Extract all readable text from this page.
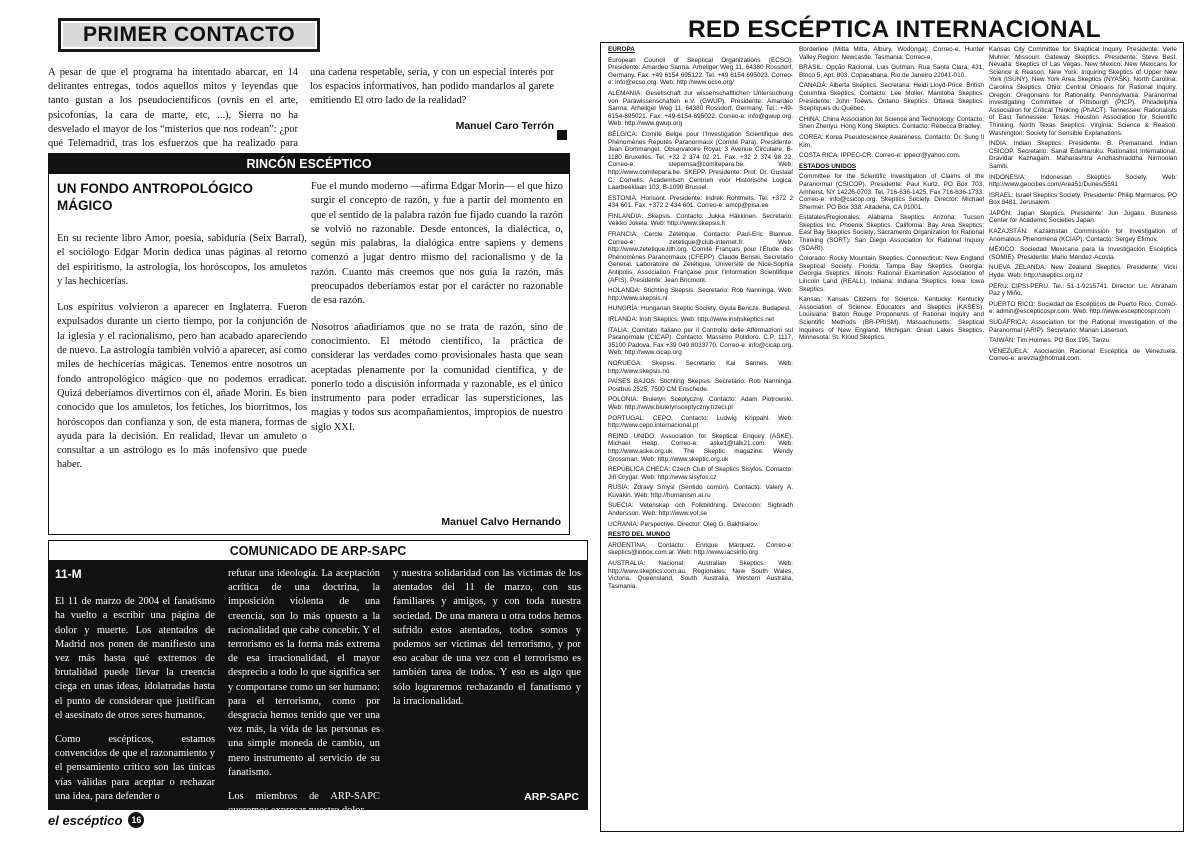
PRIMER CONTACTO
A pesar de que el programa ha intentado abarcar, en 14 delirantes entregas, todos aquellos mitos y leyendas que tanto gustan a los pseudocientíficos (ovnis en el arte, psicofonías, la cara de marte, etc, ...), Sierra no ha desvelado el mayor de los “misterios que nos rodean”: ¿por qué Telemadrid, tras los esfuerzos que ha realizado para
una cadena respetable, seria, y con un especial interés por los espacios informativos, han podido mandarlos al garete emitiendo El otro lado de la realidad?
Manuel Caro Terrón
RINCÓN ESCÉPTICO
UN FONDO ANTROPOLÓGICO MÁGICO

En su reciente libro Amor, poesía, sabiduría (Seix Barral), el sociólogo Edgar Morin dedica unas páginas al retorno del espiritismo, la astrología, los horóscopos, los amuletos y las hechicerías.

Los espíritus volvieron a aparecer en Inglaterra. Fueron expulsados durante un cierto tiempo, por la conjunción de la iglesia y el racionalismo, pero han acabado apareciendo de nuevo. La astrología también volvió a aparecer, así como miles de hechicerías mágicas. Tenemos entre nosotros un fondo antropológico mágico que no podemos erradicar. Quizá deberíamos divertirnos con él, añade Morin. Es bien conocido que los amuletos, los fetiches, los biorritmos, los horóscopos dan confianza y son, de esta manera, formas de ayuda para la decisión. En realidad, llevar un amuleto o consultar a un astrólogo es lo más inofensivo que puede haber.

Fue el mundo moderno —afirma Edgar Morin— el que hizo surgir el concepto de razón, y fue a partir del momento en que el sentido de la palabra razón fue fijado cuando la razón se volvió no razonable. Desde entonces, la dialéctica, o, según mis palabras, la dialógica entre sapiens y demens comenzó a jugar dentro mismo del racionalismo y de la razón. Cuanto más creemos que nos guía la razón, más preocupados deberíamos estar por el carácter no razonable de esa razón.

Nosotros añadiríamos que no se trata de razón, sino de conocimiento. El método científico, la práctica de considerar las verdades como provisionales hasta que sean aceptadas plenamente por la comunidad científica, y de ponerlo todo a discusión informada y razonable, es el único instrumento para poder erradicar las supersticiones, las magias y todos sus acompañamientos, impropios de nuestro siglo XXI.

Manuel Calvo Hernando
COMUNICADO DE ARP-SAPC
11-M

El 11 de marzo de 2004 el fanatismo ha vuelto a escribir una página de dolor y muerte. Los atentados de Madrid nos ponen de manifiesto una vez más hasta qué extremos de brutalidad puede llevar la creencia ciega en unas ideas, idolatradas hasta el punto de considerar que justifican el asesinato de otros seres humanos.

Como escépticos, estamos convencidos de que el razonamiento y el pensamiento crítico son las únicas vías válidas para aceptar o rechazar una idea, para defender o

refutar una ideología. La aceptación acrítica de una doctrina, la imposición violenta de una creencia, son lo más opuesto a la racionalidad que cabe concebir. Y el terrorismo es la forma más extrema de esa irracionalidad, el mayor desprecio a todo lo que significa ser y comportarse como un ser humano: para el terrorismo, como por desgracia hemos tenido que ver una vez más, la vida de las personas es una simple moneda de cambio, un mero instrumento al servicio de su fanatismo.

Los miembros de ARP-SAPC queremos expresar nuestro dolor

y nuestra solidaridad con las víctimas de los atentados del 11 de marzo, con sus familiares y amigos, y con toda nuestra sociedad. De una manera u otra todos hemos sufrido estos atentados, todos somos y podemos ser víctimas del terrorismo, y por eso acabar de una vez con el terrorismo es también tarea de todos. Y eso es algo que sólo lograremos rechazando el fanatismo y la irracionalidad.

ARP-SAPC
el escéptico 16
RED ESCÉPTICA INTERNACIONAL

EUROPA

European Council of Skeptical Organizations (ECSO). Presidente: Amardeo Sarma. Arheilger Weg 11, 64380 Rossdorf, Germany. Fax: +49 6154 695122. Tel. +49 6154 695023. Correo-e: info@ecso.org. Web: http://www.ecso.org/

ALEMANIA: Gesellschaft zur wissenschaftlichen Untersuchung von Parawissenschaften e.V. (GWUP). Presidente: Amardeo Sarma. Arheilger Weg 11, 64380 Rossdorf, Germany. Tel.: +49-6154-695021. Fax: +49-6154-695022. Correo-e: info@gwup.org. Web: http://www.gwup.org

BÉLGICA: Comité Belge pour l'Investigation Scientifique des Phénomènes Réputés Paranormaux (Comité Para). Presidente: Jean Dommanget. Observatoire Royal, 3 Avenue Circulaire, B-1180 Bruxelles. Tel. +32 2 374 02 21. Fax. +32 2 374 98 22. Correo-e: stepemsa@comitepara.be. Web: http://www.comitepara.be. SKEPP. Presidente: Prof. Dr. Gustaaf C. Cornelis. Academisch Centrum voor Historische Logica. Laarbeeklaan 103, B-1090 Brussel.

ESTONIA: Horisont. Presidente: Indrek Rohtmets. Tel. +372 2 434 601. Fax. +372 2 434 601. Correo-e: amcp@pisa.ee

FINLANDIA: Skepsis. Contacto: Jukka Häkkinen. Secretario: Veikko Jokela. Web: http://www.skepsis.fi

FRANCIA: Cercle Zététique. Contacto: Paul-Eric Blanrue. Correo-e: zetetique@club-internet.fr. Web: http://www.zetetique.ldh.org. Comité Français pour l'Étude des Phénomènes Paranormaux (CFEPP). Claude Benski, Secretario General. Laboratoire de Zététique, Université de Nice-Sophia Antipolis. Association Française pour l'Information Scientifique (AFIS). Presidente: Jean Bricmont.

HOLANDA: Stichting Skepsis. Secretario: Rob Nanninga. Web: http://www.skepsis.nl

HUNGRÍA: Hungarian Skeptic Society. Gyula Bencze. Budapest.

IRLANDA: Irish Skeptics. Web: http://www.irishskeptics.net

ITALIA: Comitato Italiano per il Controllo delle Affermazioni sul Paranormale (CICAP). Contacto: Massimo Polidoro. C.P. 1117, 35100 Padova. Fax +39 049 8033770. Correo-e: info@cicap.org. Web: http://www.cicap.org

NORUEGA: Skepsis. Secretario: Kai Sannes. Web: http://www.skepsis.no

PAÍSES BAJOS: Stichting Skepsis. Secretario: Rob Nanninga. Postbus 2525, 7500 CM Enschede.

POLONIA: Biuletyn Sceptyczny. Contacto: Adam Piotrowski. Web: http://www.biuletynsceptyczny.trzeci.pl

PORTUGAL: CEPO. Contacto: Ludwig Krippahl. Web: http://www.cepo.internacional.pt

REINO UNIDO: Association for Skeptical Enquiry (ASKE). Michael Heap. Correo-e: aske1@talk21.com. Web: http://www.aske.org.uk. The Skeptic magazine. Wendy Grossman. Web: http://www.skeptic.org.uk

REPÚBLICA CHECA: Czech Club of Skeptics Sisyfos. Contacto: Jiří Grygar. Web: http://www.sisyfos.cz

RUSIA: Zdravy Smysl (Sentido común). Contacto: Valery A. Kuvakin. Web: http://humanism.al.ru

SUECIA: Vetenskap och Folkbildning. Dirección: Sigbradh Andersson. Web: http://www.vof.se

UCRANIA: Perspective. Director: Oleg G. Bakhtiarov.

RESTO DEL MUNDO

ARGENTINA: Contacto: Enrique Márquez. Correo-e: skeptics@inbox.com.ar. Web: http://www.iacsinfo.org

AUSTRALIA: Nacional: Australian Skeptics. Web: http://www.skeptics.com.au. Regionales: New South Wales, Victoria, Queensland, South Australia, Western Australia, Tasmania.

Borderline (Mitta Mitta, Albury, Wodonga): Correo-e. Hunter Valley Region: Newcastle. Tasmania: Correo-e.

BRASIL: Opção Racional. Luis Gutman. Rua Santa Clara, 431, Bloco 5, Apt. 803, Copacabana, Rio de Janeiro 22041-010.

CANADÁ: Alberta Skeptics. Secretaria: Heidi Lloyd-Price. British Columbia Skeptics. Contacto: Lee Moller. Manitoba Skeptics. Presidente: John Toews. Ontario Skeptics. Ottawa Skeptics. Sceptiques du Québec.

CHINA: China Association for Science and Technology. Contacto: Shen Zhenyu. Hong Kong Skeptics. Contacto: Rebecca Bradley.

COREA: Korea Pseudoscience Awareness. Contacto: Dr. Sung Il Kim.

COSTA RICA: IPPEC-CR. Correo-e: ippecr@yahoo.com.

ESTADOS UNIDOS

Committee for the Scientific Investigation of Claims of the Paranormal (CSICOP). Presidente: Paul Kurtz. PO Box 703, Amherst, NY 14226-0703. Tel. 716-636-1425. Fax 716-636-1733. Correo-e: info@csicop.org. Skeptics Society. Director: Michael Shermer. PO Box 338, Altadena, CA 91001.

Estatales/Regionales: Alabama Skeptics. Arizona: Tucson Skeptics Inc. Phoenix Skeptics. California: Bay Area Skeptics; East Bay Skeptics Society; Sacramento Organization for Rational Thinking (SORT); San Diego Association for Rational Inquiry (SDARI).

Colorado: Rocky Mountain Skeptics. Connecticut: New England Skeptical Society. Florida: Tampa Bay Skeptics. Georgia: Georgia Skeptics. Illinois: Rational Examination Association of Lincoln Land (REALL). Indiana: Indiana Skeptics. Iowa: Iowa Skeptics.

Kansas: Kansas Citizens for Science. Kentucky: Kentucky Association of Science Educators and Skeptics (KASES). Louisiana: Baton Rouge Proponents of Rational Inquiry and Scientific Methods (BR-PRISM). Massachusetts: Skeptical Inquirers of New England. Michigan: Great Lakes Skeptics. Minnesota: St. Kloud Skeptics.

Kansas City Committee for Skeptical Inquiry. Presidente: Verle Muhrer. Missouri: Gateway Skeptics. Presidente: Steve Best. Nevada: Skeptics of Las Vegas. New Mexico: New Mexicans for Science & Reason. New York: Inquiring Skeptics of Upper New York (ISUNY). New York Area Skeptics (NYASK). North Carolina: Carolina Skeptics. Ohio: Central Ohioans for Rational Inquiry. Oregon: Oregonians for Rationality. Pennsylvania: Paranormal Investigating Committee of Pittsburgh (PICP). Philadelphia Association for Critical Thinking (PhACT). Tennessee: Rationalists of East Tennessee. Texas: Houston Association for Scientific Thinking. North Texas Skeptics. Virginia: Science & Reason. Washington: Society for Sensible Explanations.

INDIA: Indian Skeptics. Presidente: B. Premanand. Indian CSICOP. Secretario: Sanal Edamaruku. Rationalist International. Dravidar Kazhagam. Maharashtra Andhashraddha Nirmoolan Samiti.

INDONESIA: Indonesian Skeptics Society. Web: http://www.geocities.com/Area51/Dunes/5591

ISRAEL: Israel Skeptics Society. Presidente: Philip Marmaros. PO Box 8481, Jerusalem.

JAPÓN: Japan Skeptics. Presidente: Jun Jugaku. Business Center for Academic Societies Japan.

KAZAJSTÁN: Kazakhstan Commission for Investigation of Anomalous Phenomena (KCIAP). Contacto: Sergey Efimov.

MÉXICO: Sociedad Mexicana para la Investigación Escéptica (SOMIE). Presidente: Mario Méndez-Acosta.

NUEVA ZELANDA: New Zealand Skeptics. Presidente: Vicki Hyde. Web: http://skeptics.org.nz

PERÚ: CIPSI-PERU. Tel.: 51-1-9215741. Director: Lic. Abraham Paz y Miño.

PUERTO RICO: Sociedad de Escépticos de Puerto Rico. Correo-e: admin@escepticospr.com. Web: http://www.escepticospr.com

SUDÁFRICA: Association for the Rational Investigation of the Paranormal (ARIP). Secretario: Marian Laserson.

TAIWÁN: Tim Holmes. PO Box 195, Tanzu.

VENEZUELA: Asociación Racional Escéptica de Venezuela. Correo-e: arevzla@hotmail.com.
